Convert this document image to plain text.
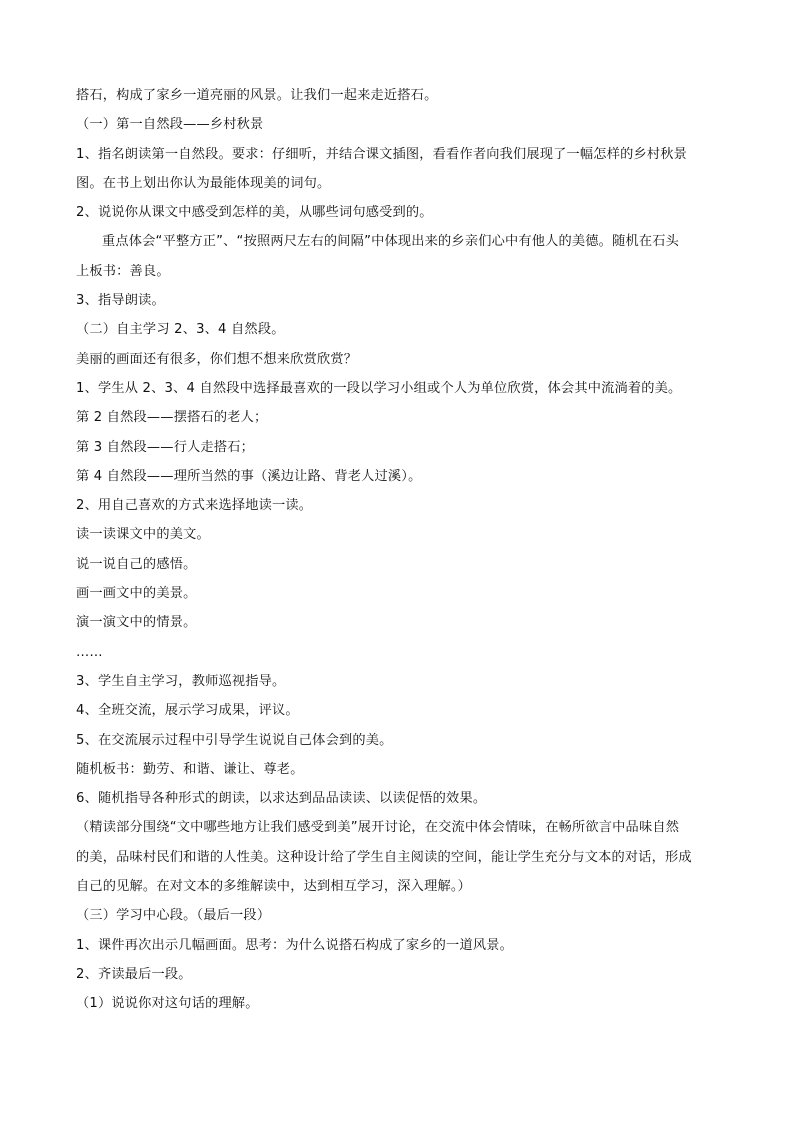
搭石，构成了家乡一道亮丽的风景。让我们一起来走近搭石。
（一）第一自然段——乡村秋景
1、指名朗读第一自然段。要求：仔细听，并结合课文插图，看看作者向我们展现了一幅怎样的乡村秋景
图。在书上划出你认为最能体现美的词句。
2、说说你从课文中感受到怎样的美，从哪些词句感受到的。
重点体会“平整方正”、“按照两尺左右的间隔”中体现出来的乡亲们心中有他人的美德。随机在石头
上板书：善良。
3、指导朗读。
（二）自主学习 2、3、4 自然段。
美丽的画面还有很多，你们想不想来欣赏欣赏？
1、学生从 2、3、4 自然段中选择最喜欢的一段以学习小组或个人为单位欣赏，体会其中流淌着的美。
第 2 自然段——摆搭石的老人；
第 3 自然段——行人走搭石；
第 4 自然段——理所当然的事（溪边让路、背老人过溪）。
2、用自己喜欢的方式来选择地读一读。
读一读课文中的美文。
说一说自己的感悟。
画一画文中的美景。
演一演文中的情景。
……
3、学生自主学习，教师巡视指导。
4、全班交流，展示学习成果，评议。
5、在交流展示过程中引导学生说说自己体会到的美。
随机板书：勤劳、和谐、谦让、尊老。
6、随机指导各种形式的朗读，以求达到品品读读、以读促悟的效果。
（精读部分围绕“文中哪些地方让我们感受到美”展开讨论，在交流中体会情味，在畅所欲言中品味自然
的美，品味村民们和谐的人性美。这种设计给了学生自主阅读的空间，能让学生充分与文本的对话，形成
自己的见解。在对文本的多维解读中，达到相互学习，深入理解。）
（三）学习中心段。（最后一段）
1、课件再次出示几幅画面。思考：为什么说搭石构成了家乡的一道风景。
2、齐读最后一段。
（1）说说你对这句话的理解。
